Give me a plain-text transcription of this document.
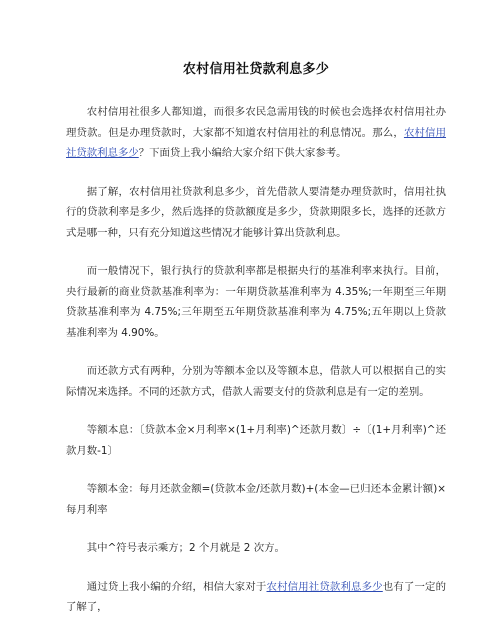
农村信用社贷款利息多少

农村信用社很多人都知道，而很多农民急需用钱的时候也会选择农村信用社办理贷款。但是办理贷款时，大家都不知道农村信用社的利息情况。那么，农村信用社贷款利息多少？下面贷上我小编给大家介绍下供大家参考。

据了解，农村信用社贷款利息多少，首先借款人要清楚办理贷款时，信用社执行的贷款利率是多少，然后选择的贷款额度是多少，贷款期限多长，选择的还款方式是哪一种，只有充分知道这些情况才能够计算出贷款利息。

而一般情况下，银行执行的贷款利率都是根据央行的基准利率来执行。目前，央行最新的商业贷款基准利率为：一年期贷款基准利率为 4.35%;一年期至三年期贷款基准利率为 4.75%;三年期至五年期贷款基准利率为 4.75%;五年期以上贷款基准利率为 4.90%。

而还款方式有两种，分别为等额本金以及等额本息，借款人可以根据自己的实际情况来选择。不同的还款方式，借款人需要支付的贷款利息是有一定的差别。

等额本息：〔贷款本金×月利率×(1+月利率)^还款月数〕÷〔(1+月利率)^还款月数-1〕

等额本金：每月还款金额=(贷款本金/还款月数)+(本金—已归还本金累计额)×每月利率

其中^符号表示乘方；2 个月就是 2 次方。

通过贷上我小编的介绍，相信大家对于农村信用社贷款利息多少也有了一定的了解了，
